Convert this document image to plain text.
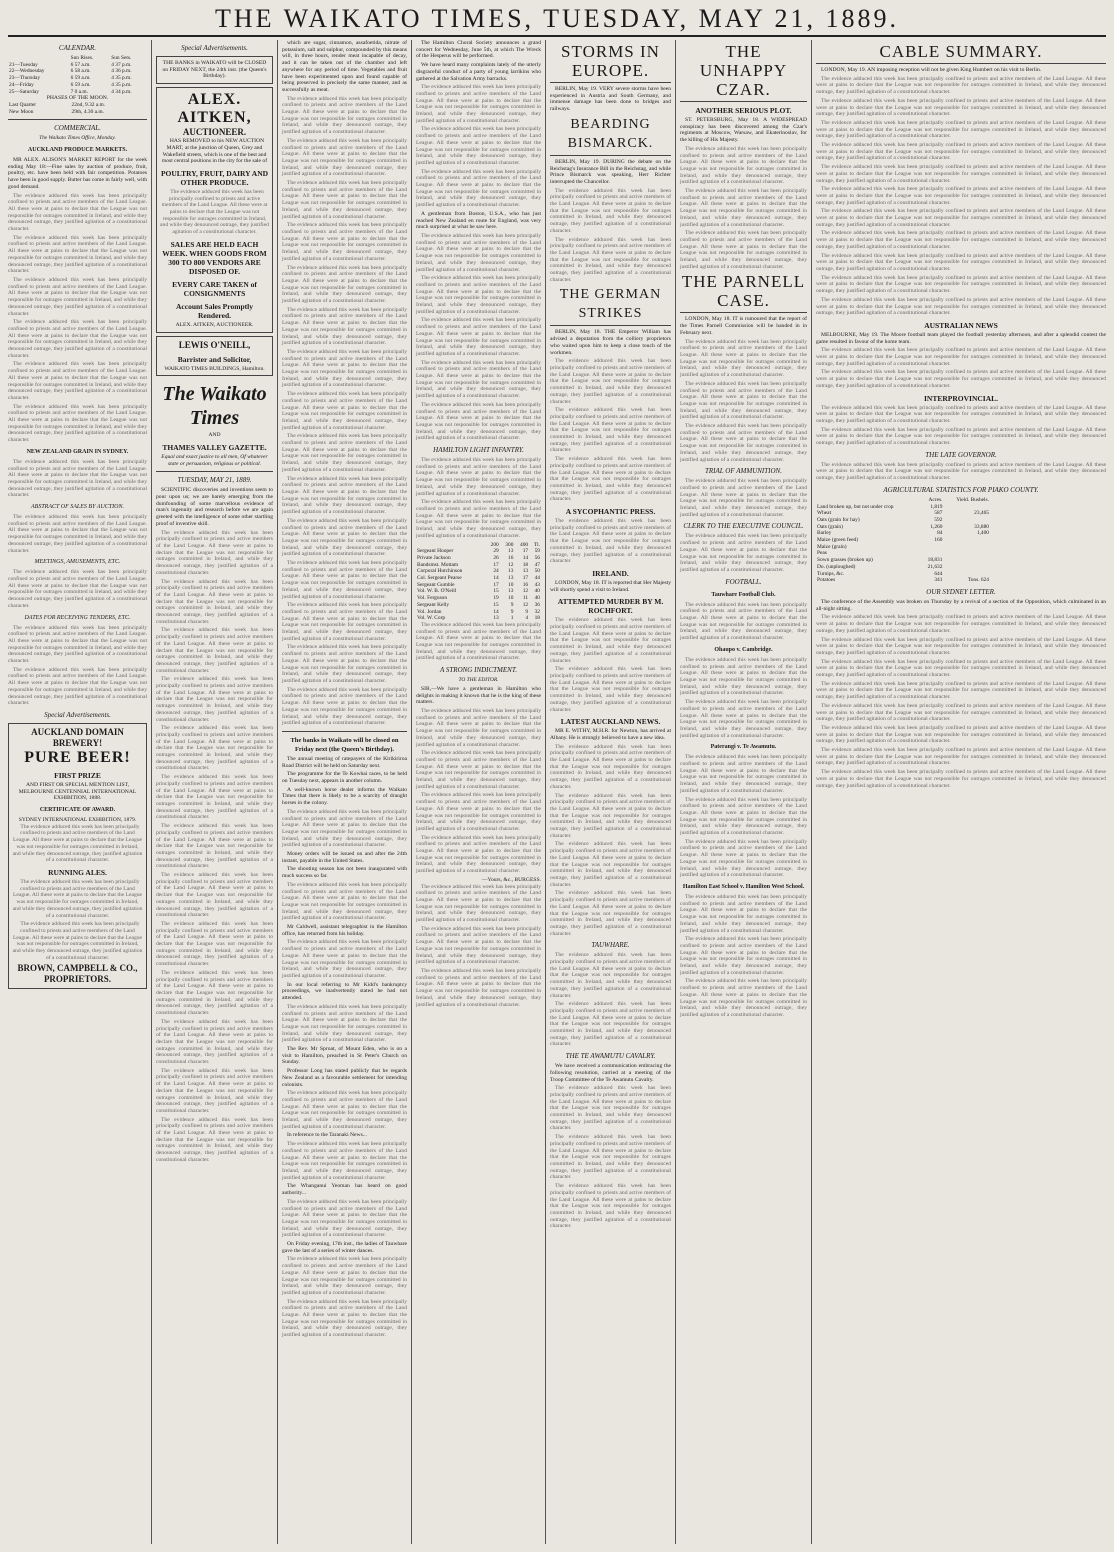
THE WAIKATO TIMES, TUESDAY, MAY 21, 1889.
CALENDAR.
	Sun Rises.	Sun Sets.
21—Tuesday	6 57 a.m.	4 37 p.m.
22—Wednesday	6 58 a.m.	4 36 p.m.
23—Thursday	6 59 a.m.	4 35 p.m.
24—Friday	6 59 a.m.	4 35 p.m.
25—Saturday	7 0 a.m.	4 34 p.m.
PHASES OF THE MOON.
Last Quarter	22nd, 9.32 a.m.
New Moon	29th, 4.30 a.m.
COMMERCIAL.
The Waikato Times Office, Monday.
AUCKLAND PRODUCE MARKETS.

MR ALEX. ALISON'S MARKET REPORT for the week ending May 18:—Fine sales by auction of produce, fruit, poultry, etc. have been held with fair competition. Potatoes have been in good supply. Butter has come in fairly well, with good demand.

The evidence adduced this week has been principally confined to priests and active members of the Land League. All these were at pains to declare that the League was not responsible for outrages committed in Ireland, and while they denounced outrage, they justified agitation of a constitutional character.

The evidence adduced this week has been principally confined to priests and active members of the Land League. All these were at pains to declare that the League was not responsible for outrages committed in Ireland, and while they denounced outrage, they justified agitation of a constitutional character.

The evidence adduced this week has been principally confined to priests and active members of the Land League. All these were at pains to declare that the League was not responsible for outrages committed in Ireland, and while they denounced outrage, they justified agitation of a constitutional character.

The evidence adduced this week has been principally confined to priests and active members of the Land League. All these were at pains to declare that the League was not responsible for outrages committed in Ireland, and while they denounced outrage, they justified agitation of a constitutional character.

The evidence adduced this week has been principally confined to priests and active members of the Land League. All these were at pains to declare that the League was not responsible for outrages committed in Ireland, and while they denounced outrage, they justified agitation of a constitutional character.

The evidence adduced this week has been principally confined to priests and active members of the Land League. All these were at pains to declare that the League was not responsible for outrages committed in Ireland, and while they denounced outrage, they justified agitation of a constitutional character.

NEW ZEALAND GRAIN IN SYDNEY.

The evidence adduced this week has been principally confined to priests and active members of the Land League. All these were at pains to declare that the League was not responsible for outrages committed in Ireland, and while they denounced outrage, they justified agitation of a constitutional character.

ABSTRACT OF SALES BY AUCTION.

The evidence adduced this week has been principally confined to priests and active members of the Land League. All these were at pains to declare that the League was not responsible for outrages committed in Ireland, and while they denounced outrage, they justified agitation of a constitutional character.

MEETINGS, AMUSEMENTS, ETC.

The evidence adduced this week has been principally confined to priests and active members of the Land League. All these were at pains to declare that the League was not responsible for outrages committed in Ireland, and while they denounced outrage, they justified agitation of a constitutional character.

DATES FOR RECEIVING TENDERS, ETC.

The evidence adduced this week has been principally confined to priests and active members of the Land League. All these were at pains to declare that the League was not responsible for outrages committed in Ireland, and while they denounced outrage, they justified agitation of a constitutional character.

The evidence adduced this week has been principally confined to priests and active members of the Land League. All these were at pains to declare that the League was not responsible for outrages committed in Ireland, and while they denounced outrage, they justified agitation of a constitutional character.

Special Advertisements.
AUCKLAND DOMAIN
BREWERY!
PURE BEER!
FIRST PRIZE
AND FIRST OR SPECIAL MENTION LIST, MELBOURNE CENTENNIAL INTERNATIONAL EXHIBITION, 1888.
CERTIFICATE OF AWARD.
SYDNEY INTERNATIONAL EXHIBITION, 1879.

The evidence adduced this week has been principally confined to priests and active members of the Land League. All these were at pains to declare that the League was not responsible for outrages committed in Ireland, and while they denounced outrage, they justified agitation of a constitutional character.

RUNNING ALES.

The evidence adduced this week has been principally confined to priests and active members of the Land League. All these were at pains to declare that the League was not responsible for outrages committed in Ireland, and while they denounced outrage, they justified agitation of a constitutional character.

The evidence adduced this week has been principally confined to priests and active members of the Land League. All these were at pains to declare that the League was not responsible for outrages committed in Ireland, and while they denounced outrage, they justified agitation of a constitutional character.

BROWN, CAMPBELL & CO., PROPRIETORS.
Special Advertisements.
THE BANKS in WAIKATO will be CLOSED on FRIDAY NEXT, the 24th inst. (the Queen's Birthday).
ALEX. AITKEN,
AUCTIONEER.

HAS REMOVED to his NEW AUCTION MART, at the junction of Queen, Grey and Wakefield streets, which is one of the best and most central positions in the city for the sale of

POULTRY, FRUIT, DAIRY AND OTHER PRODUCE.

The evidence adduced this week has been principally confined to priests and active members of the Land League. All these were at pains to declare that the League was not responsible for outrages committed in Ireland, and while they denounced outrage, they justified agitation of a constitutional character.

SALES ARE HELD EACH WEEK. WHEN GOODS FROM 300 TO 800 VENDORS ARE DISPOSED OF.
EVERY CARE TAKEN of CONSIGNMENTS
Account Sales Promptly Rendered.
ALEX. AITKEN, AUCTIONEER.
LEWIS O'NEILL,
Barrister and Solicitor,
WAIKATO TIMES BUILDINGS, Hamilton.
The Waikato Times
AND
THAMES VALLEY GAZETTE.
Equal and exact justice to all men, Of whatever state or persuasion, religious or political.
TUESDAY, MAY 21, 1889.

SCIENTIFIC discoveries and inventions seem to pour upon us; we are barely emerging from the dumfounding of some marvellous evidence of man's ingenuity and research before we are again greeted with the intelligence of some other startling proof of inventive skill.

The evidence adduced this week has been principally confined to priests and active members of the Land League. All these were at pains to declare that the League was not responsible for outrages committed in Ireland, and while they denounced outrage, they justified agitation of a constitutional character.

The evidence adduced this week has been principally confined to priests and active members of the Land League. All these were at pains to declare that the League was not responsible for outrages committed in Ireland, and while they denounced outrage, they justified agitation of a constitutional character.

The evidence adduced this week has been principally confined to priests and active members of the Land League. All these were at pains to declare that the League was not responsible for outrages committed in Ireland, and while they denounced outrage, they justified agitation of a constitutional character.

The evidence adduced this week has been principally confined to priests and active members of the Land League. All these were at pains to declare that the League was not responsible for outrages committed in Ireland, and while they denounced outrage, they justified agitation of a constitutional character.

The evidence adduced this week has been principally confined to priests and active members of the Land League. All these were at pains to declare that the League was not responsible for outrages committed in Ireland, and while they denounced outrage, they justified agitation of a constitutional character.

The evidence adduced this week has been principally confined to priests and active members of the Land League. All these were at pains to declare that the League was not responsible for outrages committed in Ireland, and while they denounced outrage, they justified agitation of a constitutional character.

The evidence adduced this week has been principally confined to priests and active members of the Land League. All these were at pains to declare that the League was not responsible for outrages committed in Ireland, and while they denounced outrage, they justified agitation of a constitutional character.

The evidence adduced this week has been principally confined to priests and active members of the Land League. All these were at pains to declare that the League was not responsible for outrages committed in Ireland, and while they denounced outrage, they justified agitation of a constitutional character.

The evidence adduced this week has been principally confined to priests and active members of the Land League. All these were at pains to declare that the League was not responsible for outrages committed in Ireland, and while they denounced outrage, they justified agitation of a constitutional character.

The evidence adduced this week has been principally confined to priests and active members of the Land League. All these were at pains to declare that the League was not responsible for outrages committed in Ireland, and while they denounced outrage, they justified agitation of a constitutional character.

The evidence adduced this week has been principally confined to priests and active members of the Land League. All these were at pains to declare that the League was not responsible for outrages committed in Ireland, and while they denounced outrage, they justified agitation of a constitutional character.

The evidence adduced this week has been principally confined to priests and active members of the Land League. All these were at pains to declare that the League was not responsible for outrages committed in Ireland, and while they denounced outrage, they justified agitation of a constitutional character.

The evidence adduced this week has been principally confined to priests and active members of the Land League. All these were at pains to declare that the League was not responsible for outrages committed in Ireland, and while they denounced outrage, they justified agitation of a constitutional character.

which are sugar, cinnamon, assafoetida, nitrate of potassium, salt and sulphur, compounded by this means will, in three hours, render meat incapable of decay, and it can be taken out of the chamber and left anywhere for any period of time. Vegetables and fruit have been experimented upon and found capable of being preserved in precisely the same manner, and as successfully as meat.

The evidence adduced this week has been principally confined to priests and active members of the Land League. All these were at pains to declare that the League was not responsible for outrages committed in Ireland, and while they denounced outrage, they justified agitation of a constitutional character.

The evidence adduced this week has been principally confined to priests and active members of the Land League. All these were at pains to declare that the League was not responsible for outrages committed in Ireland, and while they denounced outrage, they justified agitation of a constitutional character.

The evidence adduced this week has been principally confined to priests and active members of the Land League. All these were at pains to declare that the League was not responsible for outrages committed in Ireland, and while they denounced outrage, they justified agitation of a constitutional character.

The evidence adduced this week has been principally confined to priests and active members of the Land League. All these were at pains to declare that the League was not responsible for outrages committed in Ireland, and while they denounced outrage, they justified agitation of a constitutional character.

The evidence adduced this week has been principally confined to priests and active members of the Land League. All these were at pains to declare that the League was not responsible for outrages committed in Ireland, and while they denounced outrage, they justified agitation of a constitutional character.

The evidence adduced this week has been principally confined to priests and active members of the Land League. All these were at pains to declare that the League was not responsible for outrages committed in Ireland, and while they denounced outrage, they justified agitation of a constitutional character.

The evidence adduced this week has been principally confined to priests and active members of the Land League. All these were at pains to declare that the League was not responsible for outrages committed in Ireland, and while they denounced outrage, they justified agitation of a constitutional character.

The evidence adduced this week has been principally confined to priests and active members of the Land League. All these were at pains to declare that the League was not responsible for outrages committed in Ireland, and while they denounced outrage, they justified agitation of a constitutional character.

The evidence adduced this week has been principally confined to priests and active members of the Land League. All these were at pains to declare that the League was not responsible for outrages committed in Ireland, and while they denounced outrage, they justified agitation of a constitutional character.

The evidence adduced this week has been principally confined to priests and active members of the Land League. All these were at pains to declare that the League was not responsible for outrages committed in Ireland, and while they denounced outrage, they justified agitation of a constitutional character.

The evidence adduced this week has been principally confined to priests and active members of the Land League. All these were at pains to declare that the League was not responsible for outrages committed in Ireland, and while they denounced outrage, they justified agitation of a constitutional character.

The evidence adduced this week has been principally confined to priests and active members of the Land League. All these were at pains to declare that the League was not responsible for outrages committed in Ireland, and while they denounced outrage, they justified agitation of a constitutional character.

The evidence adduced this week has been principally confined to priests and active members of the Land League. All these were at pains to declare that the League was not responsible for outrages committed in Ireland, and while they denounced outrage, they justified agitation of a constitutional character.

The evidence adduced this week has been principally confined to priests and active members of the Land League. All these were at pains to declare that the League was not responsible for outrages committed in Ireland, and while they denounced outrage, they justified agitation of a constitutional character.

The evidence adduced this week has been principally confined to priests and active members of the Land League. All these were at pains to declare that the League was not responsible for outrages committed in Ireland, and while they denounced outrage, they justified agitation of a constitutional character.

The banks in Waikato will be closed on Friday next (the Queen's Birthday).

The annual meeting of ratepayers of the Kirikiriroa Road District will be held on Saturday next.

The programme for the Te Kowhai races, to be held on Tuesday next, appears in another column.

A well-known horse dealer informs the Waikato Times that there is likely to be a scarcity of draught horses in the colony.

The evidence adduced this week has been principally confined to priests and active members of the Land League. All these were at pains to declare that the League was not responsible for outrages committed in Ireland, and while they denounced outrage, they justified agitation of a constitutional character.

Money orders will be issued on and after the 24th instant, payable in the United States.

The shooting season has not been inaugurated with much success so far.

The evidence adduced this week has been principally confined to priests and active members of the Land League. All these were at pains to declare that the League was not responsible for outrages committed in Ireland, and while they denounced outrage, they justified agitation of a constitutional character.

Mr Caldwell, assistant telegraphist in the Hamilton office, has returned from his holiday.

The evidence adduced this week has been principally confined to priests and active members of the Land League. All these were at pains to declare that the League was not responsible for outrages committed in Ireland, and while they denounced outrage, they justified agitation of a constitutional character.

In our local referring to Mr Kidd's bankruptcy proceedings, we inadvertently stated he had not attended.

The evidence adduced this week has been principally confined to priests and active members of the Land League. All these were at pains to declare that the League was not responsible for outrages committed in Ireland, and while they denounced outrage, they justified agitation of a constitutional character.

The Rev. Mr Sproat, of Mount Eden, who is on a visit to Hamilton, preached in St Peter's Church on Sunday.

Professor Long has stated publicly that he regards New Zealand as a favourable settlement for intending colonists.

The evidence adduced this week has been principally confined to priests and active members of the Land League. All these were at pains to declare that the League was not responsible for outrages committed in Ireland, and while they denounced outrage, they justified agitation of a constitutional character.

In reference to the Taranaki News...

The evidence adduced this week has been principally confined to priests and active members of the Land League. All these were at pains to declare that the League was not responsible for outrages committed in Ireland, and while they denounced outrage, they justified agitation of a constitutional character.

The Whanganui Yeoman has heard on good authority...

The evidence adduced this week has been principally confined to priests and active members of the Land League. All these were at pains to declare that the League was not responsible for outrages committed in Ireland, and while they denounced outrage, they justified agitation of a constitutional character.

On Friday evening, 17th inst., the ladies of Tauwhare gave the last of a series of winter dances.

The evidence adduced this week has been principally confined to priests and active members of the Land League. All these were at pains to declare that the League was not responsible for outrages committed in Ireland, and while they denounced outrage, they justified agitation of a constitutional character.

The evidence adduced this week has been principally confined to priests and active members of the Land League. All these were at pains to declare that the League was not responsible for outrages committed in Ireland, and while they denounced outrage, they justified agitation of a constitutional character.

The Hamilton Choral Society announces a grand concert for Wednesday, June 5th, at which The Wreck of the Hesperus will be performed.

We have heard many complaints lately of the utterly disgraceful conduct of a party of young larrikins who gathered at the Salvation Army barracks.

The evidence adduced this week has been principally confined to priests and active members of the Land League. All these were at pains to declare that the League was not responsible for outrages committed in Ireland, and while they denounced outrage, they justified agitation of a constitutional character.

The evidence adduced this week has been principally confined to priests and active members of the Land League. All these were at pains to declare that the League was not responsible for outrages committed in Ireland, and while they denounced outrage, they justified agitation of a constitutional character.

The evidence adduced this week has been principally confined to priests and active members of the Land League. All these were at pains to declare that the League was not responsible for outrages committed in Ireland, and while they denounced outrage, they justified agitation of a constitutional character.

A gentleman from Boston, U.S.A., who has just reached New Zealand en route for England, was very much surprised at what he saw here.

The evidence adduced this week has been principally confined to priests and active members of the Land League. All these were at pains to declare that the League was not responsible for outrages committed in Ireland, and while they denounced outrage, they justified agitation of a constitutional character.

The evidence adduced this week has been principally confined to priests and active members of the Land League. All these were at pains to declare that the League was not responsible for outrages committed in Ireland, and while they denounced outrage, they justified agitation of a constitutional character.

The evidence adduced this week has been principally confined to priests and active members of the Land League. All these were at pains to declare that the League was not responsible for outrages committed in Ireland, and while they denounced outrage, they justified agitation of a constitutional character.

The evidence adduced this week has been principally confined to priests and active members of the Land League. All these were at pains to declare that the League was not responsible for outrages committed in Ireland, and while they denounced outrage, they justified agitation of a constitutional character.

The evidence adduced this week has been principally confined to priests and active members of the Land League. All these were at pains to declare that the League was not responsible for outrages committed in Ireland, and while they denounced outrage, they justified agitation of a constitutional character.

HAMILTON LIGHT INFANTRY.

The evidence adduced this week has been principally confined to priests and active members of the Land League. All these were at pains to declare that the League was not responsible for outrages committed in Ireland, and while they denounced outrage, they justified agitation of a constitutional character.

The evidence adduced this week has been principally confined to priests and active members of the Land League. All these were at pains to declare that the League was not responsible for outrages committed in Ireland, and while they denounced outrage, they justified agitation of a constitutional character.

	200	300	400	Tl.
Sergeant Hooper	29	13	17	59
Private Jackson	26	16	14	56
Bandsmst. Mottam	17	12	18	47
Corporal Hutchinson	24	13	13	50
Col. Sergeant Pearse	14	13	17	44
Sergeant Gumble	17	10	16	43
Vol. W. B. O'Neill	15	13	12	40
Vol. Ferguson	19	10	11	40
Sergeant Kelly	15	9	12	36
Vol. Jordan	14	9	9	32
Vol. W. Corp	13	1	4	18

The evidence adduced this week has been principally confined to priests and active members of the Land League. All these were at pains to declare that the League was not responsible for outrages committed in Ireland, and while they denounced outrage, they justified agitation of a constitutional character.

A STRONG INDICTMENT.
TO THE EDITOR.

SIR,—We have a gentleman in Hamilton who delights in making it known that he is the king of these matters.

The evidence adduced this week has been principally confined to priests and active members of the Land League. All these were at pains to declare that the League was not responsible for outrages committed in Ireland, and while they denounced outrage, they justified agitation of a constitutional character.

The evidence adduced this week has been principally confined to priests and active members of the Land League. All these were at pains to declare that the League was not responsible for outrages committed in Ireland, and while they denounced outrage, they justified agitation of a constitutional character.

The evidence adduced this week has been principally confined to priests and active members of the Land League. All these were at pains to declare that the League was not responsible for outrages committed in Ireland, and while they denounced outrage, they justified agitation of a constitutional character.

The evidence adduced this week has been principally confined to priests and active members of the Land League. All these were at pains to declare that the League was not responsible for outrages committed in Ireland, and while they denounced outrage, they justified agitation of a constitutional character.

—Yours, &c., BURGESS.

The evidence adduced this week has been principally confined to priests and active members of the Land League. All these were at pains to declare that the League was not responsible for outrages committed in Ireland, and while they denounced outrage, they justified agitation of a constitutional character.

The evidence adduced this week has been principally confined to priests and active members of the Land League. All these were at pains to declare that the League was not responsible for outrages committed in Ireland, and while they denounced outrage, they justified agitation of a constitutional character.

The evidence adduced this week has been principally confined to priests and active members of the Land League. All these were at pains to declare that the League was not responsible for outrages committed in Ireland, and while they denounced outrage, they justified agitation of a constitutional character.

STORMS IN EUROPE.

BERLIN, May 19. VERY severe storms have been experienced in Austria and South Germany, and immense damage has been done to bridges and railways.

BEARDING BISMARCK.

BERLIN, May 19. DURING the debate on the Reichstag's Insurance Bill in the Reichstag, and while Prince Bismarck was speaking, Herr Richter interrupted the Chancellor.

The evidence adduced this week has been principally confined to priests and active members of the Land League. All these were at pains to declare that the League was not responsible for outrages committed in Ireland, and while they denounced outrage, they justified agitation of a constitutional character.

The evidence adduced this week has been principally confined to priests and active members of the Land League. All these were at pains to declare that the League was not responsible for outrages committed in Ireland, and while they denounced outrage, they justified agitation of a constitutional character.

THE GERMAN STRIKES

BERLIN, May 18. THE Emperor William has advised a deputation from the colliery proprietors who waited upon him to keep a close touch of the workmen.

The evidence adduced this week has been principally confined to priests and active members of the Land League. All these were at pains to declare that the League was not responsible for outrages committed in Ireland, and while they denounced outrage, they justified agitation of a constitutional character.

The evidence adduced this week has been principally confined to priests and active members of the Land League. All these were at pains to declare that the League was not responsible for outrages committed in Ireland, and while they denounced outrage, they justified agitation of a constitutional character.

The evidence adduced this week has been principally confined to priests and active members of the Land League. All these were at pains to declare that the League was not responsible for outrages committed in Ireland, and while they denounced outrage, they justified agitation of a constitutional character.

A SYCOPHANTIC PRESS.

The evidence adduced this week has been principally confined to priests and active members of the Land League. All these were at pains to declare that the League was not responsible for outrages committed in Ireland, and while they denounced outrage, they justified agitation of a constitutional character.

IRELAND.

LONDON, May 18. IT is reported that Her Majesty will shortly spend a visit to Ireland.

ATTEMPTED MURDER BY M. ROCHFORT.

The evidence adduced this week has been principally confined to priests and active members of the Land League. All these were at pains to declare that the League was not responsible for outrages committed in Ireland, and while they denounced outrage, they justified agitation of a constitutional character.

The evidence adduced this week has been principally confined to priests and active members of the Land League. All these were at pains to declare that the League was not responsible for outrages committed in Ireland, and while they denounced outrage, they justified agitation of a constitutional character.

LATEST AUCKLAND NEWS.

MR E. WITHY, M.H.R. for Newton, has arrived at Albany. He is strongly believed to have a new idea.

The evidence adduced this week has been principally confined to priests and active members of the Land League. All these were at pains to declare that the League was not responsible for outrages committed in Ireland, and while they denounced outrage, they justified agitation of a constitutional character.

The evidence adduced this week has been principally confined to priests and active members of the Land League. All these were at pains to declare that the League was not responsible for outrages committed in Ireland, and while they denounced outrage, they justified agitation of a constitutional character.

The evidence adduced this week has been principally confined to priests and active members of the Land League. All these were at pains to declare that the League was not responsible for outrages committed in Ireland, and while they denounced outrage, they justified agitation of a constitutional character.

The evidence adduced this week has been principally confined to priests and active members of the Land League. All these were at pains to declare that the League was not responsible for outrages committed in Ireland, and while they denounced outrage, they justified agitation of a constitutional character.

TAUWHARE.

The evidence adduced this week has been principally confined to priests and active members of the Land League. All these were at pains to declare that the League was not responsible for outrages committed in Ireland, and while they denounced outrage, they justified agitation of a constitutional character.

The evidence adduced this week has been principally confined to priests and active members of the Land League. All these were at pains to declare that the League was not responsible for outrages committed in Ireland, and while they denounced outrage, they justified agitation of a constitutional character.

THE TE AWAMUTU CAVALRY.

We have received a communication embracing the following resolution, carried at a meeting of the Troop Committee of the Te Awamutu Cavalry.

The evidence adduced this week has been principally confined to priests and active members of the Land League. All these were at pains to declare that the League was not responsible for outrages committed in Ireland, and while they denounced outrage, they justified agitation of a constitutional character.

The evidence adduced this week has been principally confined to priests and active members of the Land League. All these were at pains to declare that the League was not responsible for outrages committed in Ireland, and while they denounced outrage, they justified agitation of a constitutional character.

The evidence adduced this week has been principally confined to priests and active members of the Land League. All these were at pains to declare that the League was not responsible for outrages committed in Ireland, and while they denounced outrage, they justified agitation of a constitutional character.

THE UNHAPPY CZAR.
ANOTHER SERIOUS PLOT.

ST. PETERSBURG, May 18. A WIDESPREAD conspiracy has been discovered among the Czar's regiments at Moscow, Warsaw, and Ekaterinoslav, for the killing of His Majesty.

The evidence adduced this week has been principally confined to priests and active members of the Land League. All these were at pains to declare that the League was not responsible for outrages committed in Ireland, and while they denounced outrage, they justified agitation of a constitutional character.

The evidence adduced this week has been principally confined to priests and active members of the Land League. All these were at pains to declare that the League was not responsible for outrages committed in Ireland, and while they denounced outrage, they justified agitation of a constitutional character.

The evidence adduced this week has been principally confined to priests and active members of the Land League. All these were at pains to declare that the League was not responsible for outrages committed in Ireland, and while they denounced outrage, they justified agitation of a constitutional character.

THE PARNELL CASE.

LONDON, May 18. IT is rumoured that the report of the Times Parnell Commission will be handed in in February next.

The evidence adduced this week has been principally confined to priests and active members of the Land League. All these were at pains to declare that the League was not responsible for outrages committed in Ireland, and while they denounced outrage, they justified agitation of a constitutional character.

The evidence adduced this week has been principally confined to priests and active members of the Land League. All these were at pains to declare that the League was not responsible for outrages committed in Ireland, and while they denounced outrage, they justified agitation of a constitutional character.

The evidence adduced this week has been principally confined to priests and active members of the Land League. All these were at pains to declare that the League was not responsible for outrages committed in Ireland, and while they denounced outrage, they justified agitation of a constitutional character.

TRIAL OF AMMUNITION.

The evidence adduced this week has been principally confined to priests and active members of the Land League. All these were at pains to declare that the League was not responsible for outrages committed in Ireland, and while they denounced outrage, they justified agitation of a constitutional character.

CLERK TO THE EXECUTIVE COUNCIL.

The evidence adduced this week has been principally confined to priests and active members of the Land League. All these were at pains to declare that the League was not responsible for outrages committed in Ireland, and while they denounced outrage, they justified agitation of a constitutional character.

FOOTBALL.
Tauwhare Football Club.

The evidence adduced this week has been principally confined to priests and active members of the Land League. All these were at pains to declare that the League was not responsible for outrages committed in Ireland, and while they denounced outrage, they justified agitation of a constitutional character.

Ohaupo v. Cambridge.

The evidence adduced this week has been principally confined to priests and active members of the Land League. All these were at pains to declare that the League was not responsible for outrages committed in Ireland, and while they denounced outrage, they justified agitation of a constitutional character.

The evidence adduced this week has been principally confined to priests and active members of the Land League. All these were at pains to declare that the League was not responsible for outrages committed in Ireland, and while they denounced outrage, they justified agitation of a constitutional character.

Paterangi v. Te Awamutu.

The evidence adduced this week has been principally confined to priests and active members of the Land League. All these were at pains to declare that the League was not responsible for outrages committed in Ireland, and while they denounced outrage, they justified agitation of a constitutional character.

The evidence adduced this week has been principally confined to priests and active members of the Land League. All these were at pains to declare that the League was not responsible for outrages committed in Ireland, and while they denounced outrage, they justified agitation of a constitutional character.

The evidence adduced this week has been principally confined to priests and active members of the Land League. All these were at pains to declare that the League was not responsible for outrages committed in Ireland, and while they denounced outrage, they justified agitation of a constitutional character.

Hamilton East School v. Hamilton West School.

The evidence adduced this week has been principally confined to priests and active members of the Land League. All these were at pains to declare that the League was not responsible for outrages committed in Ireland, and while they denounced outrage, they justified agitation of a constitutional character.

The evidence adduced this week has been principally confined to priests and active members of the Land League. All these were at pains to declare that the League was not responsible for outrages committed in Ireland, and while they denounced outrage, they justified agitation of a constitutional character.

The evidence adduced this week has been principally confined to priests and active members of the Land League. All these were at pains to declare that the League was not responsible for outrages committed in Ireland, and while they denounced outrage, they justified agitation of a constitutional character.

CABLE SUMMARY.

LONDON, May 19. AN imposing reception will not be given King Humbert on his visit to Berlin.

The evidence adduced this week has been principally confined to priests and active members of the Land League. All these were at pains to declare that the League was not responsible for outrages committed in Ireland, and while they denounced outrage, they justified agitation of a constitutional character.

The evidence adduced this week has been principally confined to priests and active members of the Land League. All these were at pains to declare that the League was not responsible for outrages committed in Ireland, and while they denounced outrage, they justified agitation of a constitutional character.

The evidence adduced this week has been principally confined to priests and active members of the Land League. All these were at pains to declare that the League was not responsible for outrages committed in Ireland, and while they denounced outrage, they justified agitation of a constitutional character.

The evidence adduced this week has been principally confined to priests and active members of the Land League. All these were at pains to declare that the League was not responsible for outrages committed in Ireland, and while they denounced outrage, they justified agitation of a constitutional character.

The evidence adduced this week has been principally confined to priests and active members of the Land League. All these were at pains to declare that the League was not responsible for outrages committed in Ireland, and while they denounced outrage, they justified agitation of a constitutional character.

The evidence adduced this week has been principally confined to priests and active members of the Land League. All these were at pains to declare that the League was not responsible for outrages committed in Ireland, and while they denounced outrage, they justified agitation of a constitutional character.

The evidence adduced this week has been principally confined to priests and active members of the Land League. All these were at pains to declare that the League was not responsible for outrages committed in Ireland, and while they denounced outrage, they justified agitation of a constitutional character.

The evidence adduced this week has been principally confined to priests and active members of the Land League. All these were at pains to declare that the League was not responsible for outrages committed in Ireland, and while they denounced outrage, they justified agitation of a constitutional character.

The evidence adduced this week has been principally confined to priests and active members of the Land League. All these were at pains to declare that the League was not responsible for outrages committed in Ireland, and while they denounced outrage, they justified agitation of a constitutional character.

The evidence adduced this week has been principally confined to priests and active members of the Land League. All these were at pains to declare that the League was not responsible for outrages committed in Ireland, and while they denounced outrage, they justified agitation of a constitutional character.

The evidence adduced this week has been principally confined to priests and active members of the Land League. All these were at pains to declare that the League was not responsible for outrages committed in Ireland, and while they denounced outrage, they justified agitation of a constitutional character.

AUSTRALIAN NEWS

MELBOURNE, May 19. The Moore football team played the football yesterday afternoon, and after a splendid contest the game resulted in favour of the home team.

The evidence adduced this week has been principally confined to priests and active members of the Land League. All these were at pains to declare that the League was not responsible for outrages committed in Ireland, and while they denounced outrage, they justified agitation of a constitutional character.

The evidence adduced this week has been principally confined to priests and active members of the Land League. All these were at pains to declare that the League was not responsible for outrages committed in Ireland, and while they denounced outrage, they justified agitation of a constitutional character.

INTERPROVINCIAL.

The evidence adduced this week has been principally confined to priests and active members of the Land League. All these were at pains to declare that the League was not responsible for outrages committed in Ireland, and while they denounced outrage, they justified agitation of a constitutional character.

The evidence adduced this week has been principally confined to priests and active members of the Land League. All these were at pains to declare that the League was not responsible for outrages committed in Ireland, and while they denounced outrage, they justified agitation of a constitutional character.

THE LATE GOVERNOR.

The evidence adduced this week has been principally confined to priests and active members of the Land League. All these were at pains to declare that the League was not responsible for outrages committed in Ireland, and while they denounced outrage, they justified agitation of a constitutional character.

AGRICULTURAL STATISTICS FOR PIAKO COUNTY.
	Acres.	Yield. Bushels.
Land broken up, but not under crop	1,819	
Wheat	587	23,465
Oats (grain for hay)	592	
Oats (grain)	1,260	33,880
Barley	84	1,400
Maize (green feed)	160	
Maize (grain)		
Peas		
Sown grasses (broken up)	18,831	
Do. (unploughed)	21,632	
Turnips, &c.	644	
Potatoes	341	Tons. 624
OUR SYDNEY LETTER.

The conference of the Assembly was broken on Thursday by a revival of a section of the Opposition, which culminated in an all-night sitting.

The evidence adduced this week has been principally confined to priests and active members of the Land League. All these were at pains to declare that the League was not responsible for outrages committed in Ireland, and while they denounced outrage, they justified agitation of a constitutional character.

The evidence adduced this week has been principally confined to priests and active members of the Land League. All these were at pains to declare that the League was not responsible for outrages committed in Ireland, and while they denounced outrage, they justified agitation of a constitutional character.

The evidence adduced this week has been principally confined to priests and active members of the Land League. All these were at pains to declare that the League was not responsible for outrages committed in Ireland, and while they denounced outrage, they justified agitation of a constitutional character.

The evidence adduced this week has been principally confined to priests and active members of the Land League. All these were at pains to declare that the League was not responsible for outrages committed in Ireland, and while they denounced outrage, they justified agitation of a constitutional character.

The evidence adduced this week has been principally confined to priests and active members of the Land League. All these were at pains to declare that the League was not responsible for outrages committed in Ireland, and while they denounced outrage, they justified agitation of a constitutional character.

The evidence adduced this week has been principally confined to priests and active members of the Land League. All these were at pains to declare that the League was not responsible for outrages committed in Ireland, and while they denounced outrage, they justified agitation of a constitutional character.

The evidence adduced this week has been principally confined to priests and active members of the Land League. All these were at pains to declare that the League was not responsible for outrages committed in Ireland, and while they denounced outrage, they justified agitation of a constitutional character.

The evidence adduced this week has been principally confined to priests and active members of the Land League. All these were at pains to declare that the League was not responsible for outrages committed in Ireland, and while they denounced outrage, they justified agitation of a constitutional character.
